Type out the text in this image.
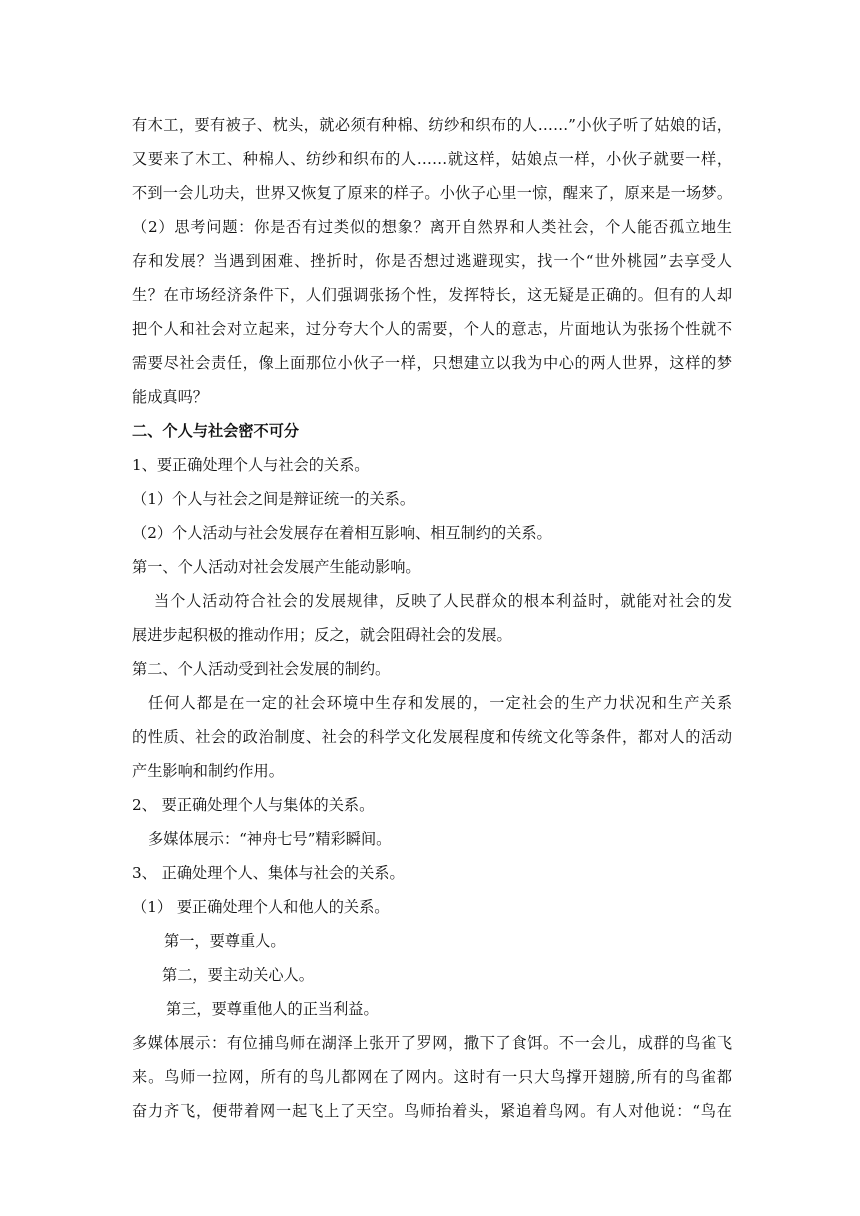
有木工，要有被子、枕头，就必须有种棉、纺纱和织布的人……”小伙子听了姑娘的话，
又要来了木工、种棉人、纺纱和织布的人……就这样，姑娘点一样，小伙子就要一样，
不到一会儿功夫，世界又恢复了原来的样子。小伙子心里一惊，醒来了，原来是一场梦。
（2）思考问题：你是否有过类似的想象？离开自然界和人类社会，个人能否孤立地生
存和发展？当遇到困难、挫折时，你是否想过逃避现实，找一个“世外桃园”去享受人
生？在市场经济条件下，人们强调张扬个性，发挥特长，这无疑是正确的。但有的人却
把个人和社会对立起来，过分夸大个人的需要，个人的意志，片面地认为张扬个性就不
需要尽社会责任，像上面那位小伙子一样，只想建立以我为中心的两人世界，这样的梦
能成真吗？
二、个人与社会密不可分
1、要正确处理个人与社会的关系。
（1）个人与社会之间是辩证统一的关系。
（2）个人活动与社会发展存在着相互影响、相互制约的关系。
第一、个人活动对社会发展产生能动影响。
当个人活动符合社会的发展规律，反映了人民群众的根本利益时，就能对社会的发
展进步起积极的推动作用；反之，就会阻碍社会的发展。
第二、个人活动受到社会发展的制约。
任何人都是在一定的社会环境中生存和发展的，一定社会的生产力状况和生产关系
的性质、社会的政治制度、社会的科学文化发展程度和传统文化等条件，都对人的活动
产生影响和制约作用。
2、 要正确处理个人与集体的关系。
多媒体展示：“神舟七号”精彩瞬间。
3、 正确处理个人、集体与社会的关系。
（1） 要正确处理个人和他人的关系。
第一，要尊重人。
第二，要主动关心人。
第三，要尊重他人的正当利益。
多媒体展示：有位捕鸟师在湖泽上张开了罗网，撒下了食饵。不一会儿，成群的鸟雀飞
来。鸟师一拉网，所有的鸟儿都网在了网内。这时有一只大鸟撑开翅膀,所有的鸟雀都
奋力齐飞，便带着网一起飞上了天空。鸟师抬着头，紧追着鸟网。有人对他说：“鸟在
